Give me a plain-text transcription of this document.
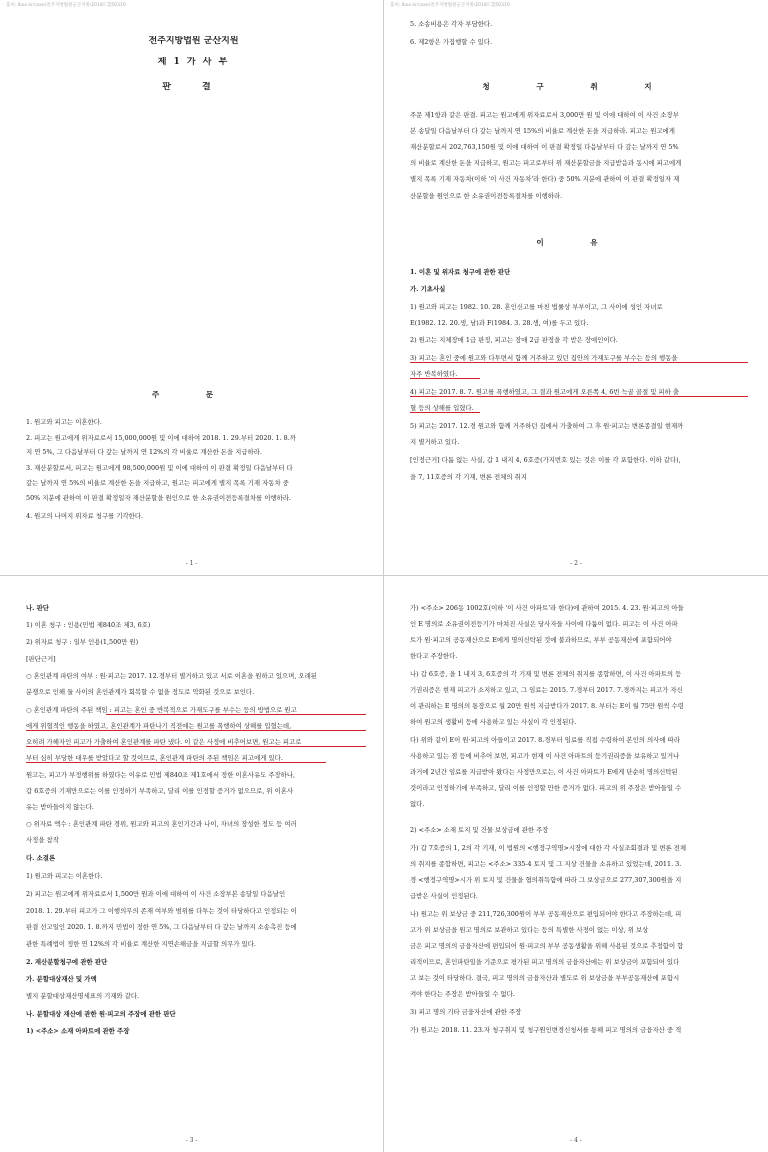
출처: lbox.kr/case/전주지방법원군산지원/2018드합50310
전주지방법원 군산지원
제 1 가 사 부
판 결
주 문
1. 원고와 피고는 이혼한다.
2. 피고는 원고에게 위자료로서 15,000,000원 및 이에 대하여 2018. 1. 29.부터 2020. 1. 8.까
지 연 5%, 그 다음날부터 다 갚는 날까지 연 12%의 각 비율로 계산한 돈을 지급하라.
3. 재산분할로서, 피고는 원고에게 98,500,000원 및 이에 대하여 이 판결 확정일 다음날부터 다
갚는 날까지 연 5%의 비율로 계산한 돈을 지급하고, 원고는 피고에게 별지 목록 기재 자동차 중
50% 지분에 관하여 이 판결 확정일자 재산분할을 원인으로 한 소유권이전등록절차를 이행하라.
4. 원고의 나머지 위자료 청구를 기각한다.
- 1 -
출처: lbox.kr/case/전주지방법원군산지원/2018드합50310
5. 소송비용은 각자 부담한다.
6. 제2항은 가집행할 수 있다.
청 구 취 지
주문 제1항과 같은 판결. 피고는 원고에게 위자료로서 3,000만 원 및 이에 대하여 이 사건 소장부
본 송달일 다음날부터 다 갚는 날까지 연 15%의 비율로 계산한 돈을 지급하라. 피고는 원고에게
재산분할로서 202,763,150원 및 이에 대하여 이 판결 확정일 다음날부터 다 갚는 날까지 연 5%
의 비율로 계산한 돈을 지급하고, 원고는 피고로부터 위 재산분할금을 지급받음과 동시에 피고에게
별지 목록 기재 자동차(이하 '이 사건 자동차'라 한다) 중 50% 지분에 관하여 이 판결 확정일자 재
산분할을 원인으로 한 소유권이전등록절차를 이행하라.
이 유
1. 이혼 및 위자료 청구에 관한 판단
가. 기초사실
1) 원고와 피고는 1982. 10. 28. 혼인신고를 마친 법률상 부부이고, 그 사이에 성인 자녀로
E(1982. 12. 20.생, 남)과 F(1984. 3. 28.생, 여)를 두고 있다.
2) 원고는 지체장애 1급 판정, 피고는 장애 2급 판정을 각 받은 장애인이다.
3) 피고는 혼인 중에 원고와 다투면서 함께 거주하고 있던 집안의 가재도구를 부수는 등의 행동을
자주 반복하였다.
4) 피고는 2017. 8. 7. 원고를 폭행하였고, 그 결과 원고에게 오른쪽 4, 6번 늑골 골절 및 피하 출
혈 등의 상해를 입혔다.
5) 피고는 2017. 12.경 원고와 함께 거주하던 집에서 가출하여 그 후 원·피고는 변론종결일 현재까
지 별거하고 있다.
[인정근거] 다툼 없는 사실, 갑 1 내지 4, 6호증(가지번호 있는 것은 이를 각 포함한다. 이하 같다),
을 7, 11호증의 각 기재, 변론 전체의 취지
- 2 -
나. 판단
1) 이혼 청구 : 인용(민법 제840조 제3, 6호)
2) 위자료 청구 : 일부 인용(1,500만 원)
[판단근거]
○ 혼인관계 파탄의 여부 : 원·피고는 2017. 12.경부터 별거하고 있고 서로 이혼을 원하고 있으며, 오래된
분쟁으로 인해 둘 사이의 혼인관계가 회복할 수 없을 정도로 악화된 것으로 보인다.
○ 혼인관계 파탄의 주된 책임 : 피고는 혼인 중 반복적으로 가재도구를 부수는 등의 방법으로 원고
에게 위협적인 행동을 하였고, 혼인관계가 파탄나기 직전에는 원고를 폭행하여 상해를 입혔는데,
오히려 가해자인 피고가 가출하여 혼인관계를 파탄 냈다. 이 같은 사정에 비추어보면, 원고는 피고로
부터 심히 부당한 대우를 받았다고 할 것이므로, 혼인관계 파탄의 주된 책임은 피고에게 있다.
원고는, 피고가 부정행위를 하였다는 이유로 민법 제840조 제1호에서 정한 이혼사유도 주장하나,
갑 6호증의 기재만으로는 이를 인정하기 부족하고, 달리 이를 인정할 증거가 없으므로, 위 이혼사
유는 받아들이지 않는다.
○ 위자료 액수 : 혼인관계 파탄 경위, 원고와 피고의 혼인기간과 나이, 자녀의 장성한 정도 등 여러
사정을 참작
다. 소결론
1) 원고와 피고는 이혼한다.
2) 피고는 원고에게 위자료로서 1,500만 원과 이에 대하여 이 사건 소장부본 송달일 다음날인
2018. 1. 29.부터 피고가 그 이행의무의 존재 여부와 범위를 다투는 것이 타당하다고 인정되는 이
판결 선고일인 2020. 1. 8.까지 민법이 정한 연 5%, 그 다음날부터 다 갚는 날까지 소송촉진 등에
관한 특례법이 정한 연 12%의 각 비율로 계산한 지연손해금을 지급할 의무가 있다.
2. 재산분할청구에 관한 판단
가. 분할대상재산 및 가액
별지 분할대상재산명세표의 기재와 같다.
나. 분할대상 재산에 관한 원·피고의 주장에 관한 판단
1) <주소> 소재 아파트에 관한 주장
- 3 -
가) <주소> 206동 1002호(이하 '이 사건 아파트'라 한다)에 관하여 2015. 4. 23. 원·피고의 아들
인 E 명의로 소유권이전등기가 마쳐진 사실은 당사자들 사이에 다툼이 없다. 피고는 이 사건 아파
트가 원·피고의 공동재산으로 E에게 명의신탁된 것에 불과하므로, 부부 공동재산에 포함되어야
한다고 주장한다.
나) 갑 6호증, 을 1 내지 3, 6호증의 각 기재 및 변론 전체의 취지를 종합하면, 이 사건 아파트의 등
기권리증은 현재 피고가 소지하고 있고, 그 임료는 2015. 7.경부터 2017. 7.경까지는 피고가 자신
이 관리하는 E 명의의 통장으로 월 20만 원씩 지급받다가 2017. 8. 부터는 E이 월 75만 원씩 수령
하여 원고의 생활비 등에 사용하고 있는 사실이 각 인정된다.
다) 위와 같이 E이 원·피고의 아들이고 2017. 8.경부터 임료를 직접 수령하여 본인의 의사에 따라
사용하고 있는 점 등에 비추어 보면, 피고가 현재 이 사건 아파트의 등기권리증을 보유하고 있거나
과거에 2년간 임료를 지급받아 왔다는 사정만으로는, 이 사건 아파트가 E에게 단순히 명의신탁된
것이라고 인정하기에 부족하고, 달리 이를 인정할 만한 증거가 없다. 피고의 위 주장은 받아들일 수
없다.
2) <주소> 소재 토지 및 건물 보상금에 관한 주장
가) 갑 7호증의 1, 2의 각 기재, 이 법원의 <행정구역명>시장에 대한 각 사실조회결과 및 변론 전체
의 취지를 종합하면, 피고는 <주소> 335-4 토지 및 그 지상 건물을 소유하고 있었는데, 2011. 3.
경 <행정구역명>시가 위 토지 및 건물을 협의취득함에 따라 그 보상금으로 277,307,300원을 지
급받은 사실이 인정된다.
나) 원고는 위 보상금 중 211,726,300원이 부부 공동재산으로 편입되어야 한다고 주장하는데, 피
고가 위 보상금을 원고 명의로 보관하고 있다는 등의 특별한 사정이 없는 이상, 위 보상
금은 피고 명의의 금융자산에 편입되어 원·피고의 부부 공동생활을 위해 사용된 것으로 추정함이 합
리적이므로, 혼인파탄일을 기준으로 평가된 피고 명의의 금융자산에는 위 보상금이 포함되어 있다
고 보는 것이 타당하다. 결국, 피고 명의의 금융자산과 별도로 위 보상금을 부부공동재산에 포함시
켜야 한다는 주장은 받아들일 수 없다.
3) 피고 명의 기타 금융자산에 관한 주장
가) 원고는 2018. 11. 23.자 청구취지 및 청구원인변경신청서를 통해 피고 명의의 금융자산 중 적
- 4 -
